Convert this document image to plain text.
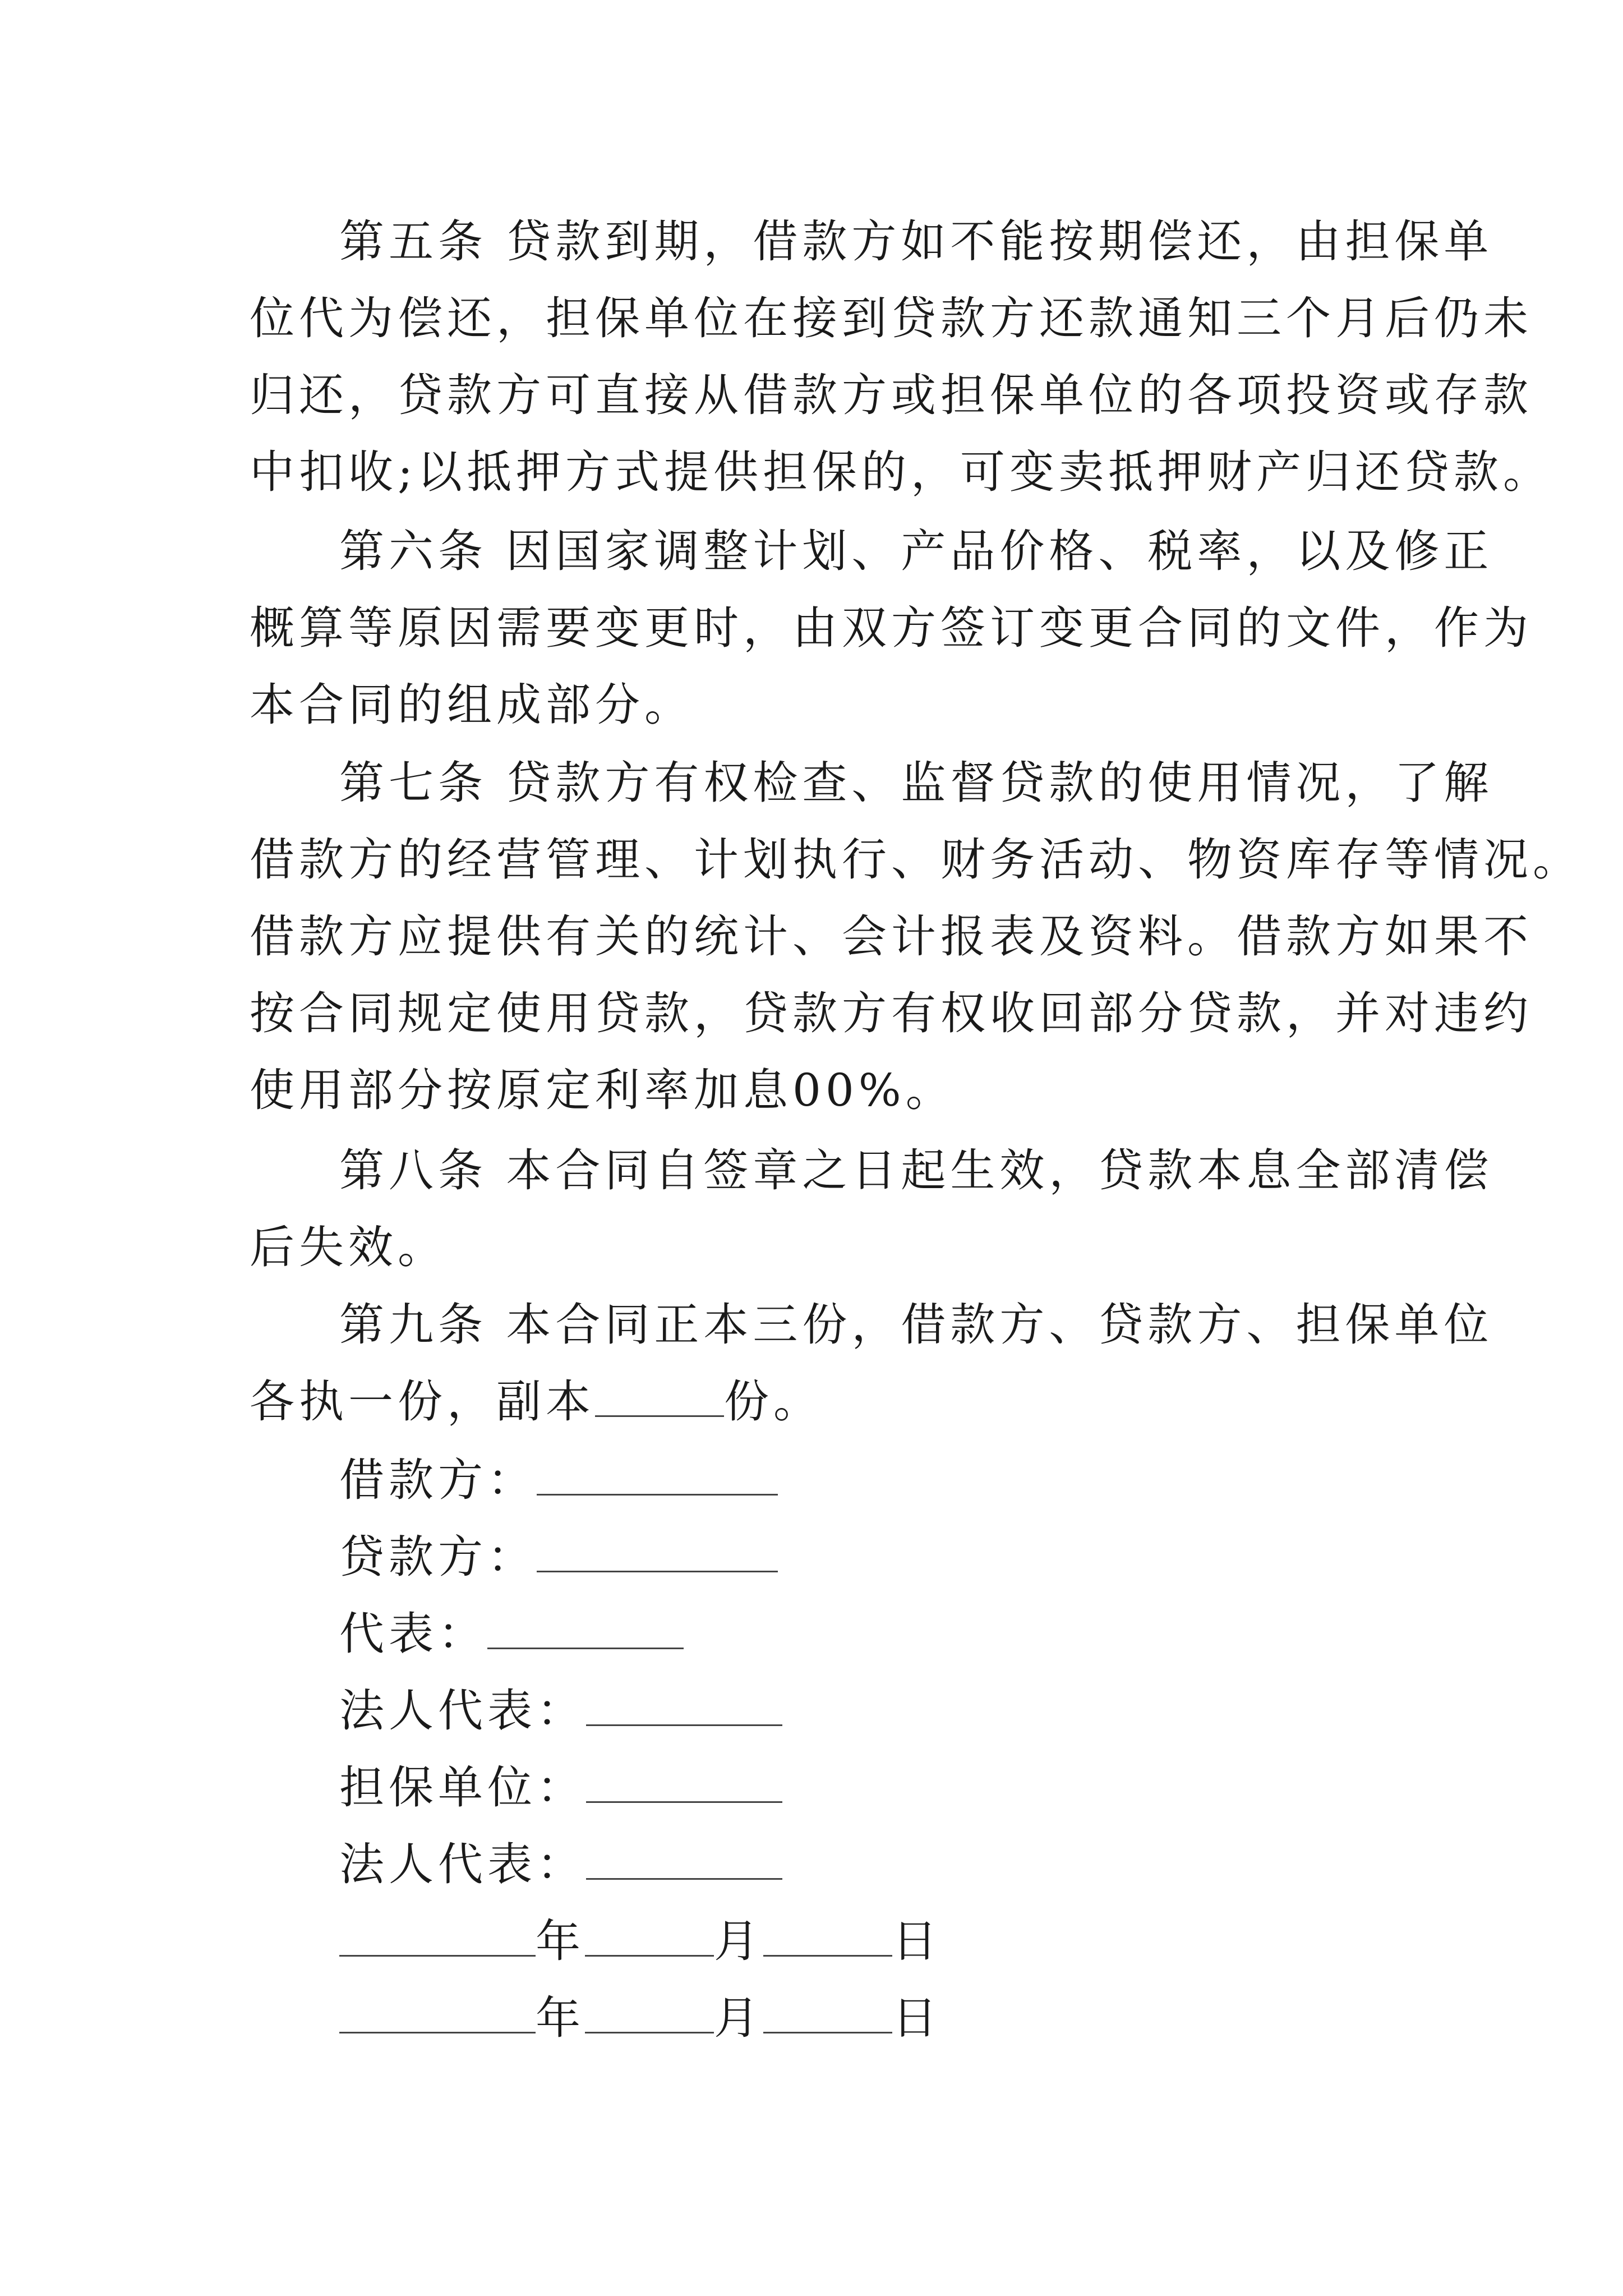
第五条 贷款到期，借款方如不能按期偿还，由担保单
位代为偿还，担保单位在接到贷款方还款通知三个月后仍未
归还，贷款方可直接从借款方或担保单位的各项投资或存款
中扣收;以抵押方式提供担保的，可变卖抵押财产归还贷款。
第六条 因国家调整计划、产品价格、税率，以及修正
概算等原因需要变更时，由双方签订变更合同的文件，作为
本合同的组成部分。
第七条 贷款方有权检查、监督贷款的使用情况，了解
借款方的经营管理、计划执行、财务活动、物资库存等情况。
借款方应提供有关的统计、会计报表及资料。借款方如果不
按合同规定使用贷款，贷款方有权收回部分贷款，并对违约
使用部分按原定利率加息00%。
第八条 本合同自签章之日起生效，贷款本息全部清偿
后失效。
第九条 本合同正本三份，借款方、贷款方、担保单位
各执一份，副本	份。
借款方：
贷款方：
代表：
法人代表：
担保单位：
法人代表：
年	月	日
年	月	日
